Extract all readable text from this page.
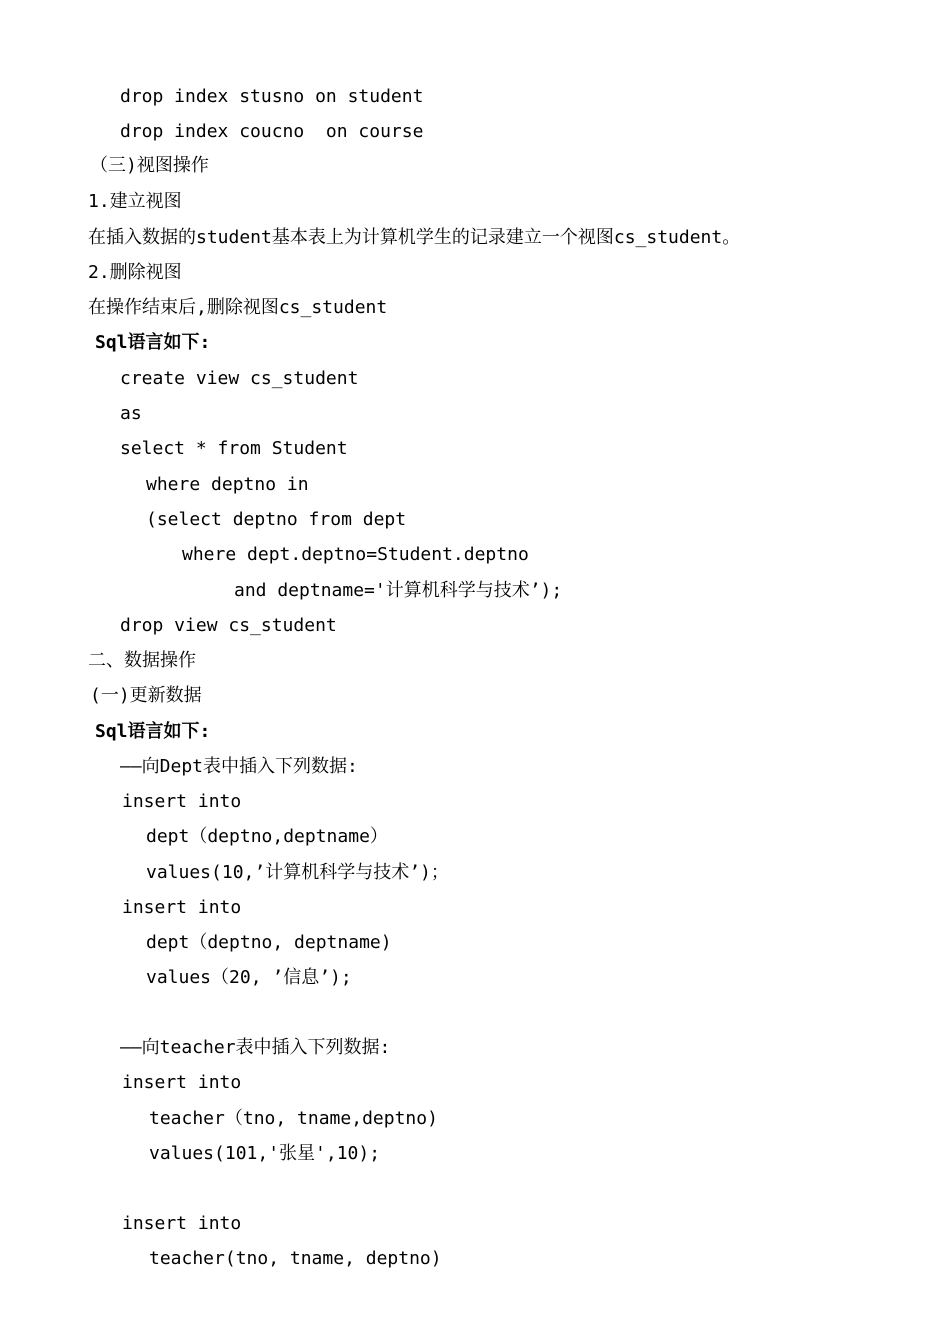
drop index stusno on student
drop index coucno  on course
（三)视图操作
1.建立视图
在插入数据的student基本表上为计算机学生的记录建立一个视图cs_student。
2.删除视图
在操作结束后,删除视图cs_student
Sql语言如下:
create view cs_student
as
select * from Student
where deptno in
(select deptno from dept
where dept.deptno=Student.deptno
and deptname='计算机科学与技术’);
drop view cs_student
二、数据操作
(一)更新数据
Sql语言如下:
——向Dept表中插入下列数据:
insert into
dept（deptno,deptname）
values(10,’计算机科学与技术’)；
insert into
dept（deptno, deptname)
values（20, ’信息’);
——向teacher表中插入下列数据:
insert into
teacher（tno, tname,deptno)
values(101,'张星',10);
insert into
teacher(tno, tname, deptno)
